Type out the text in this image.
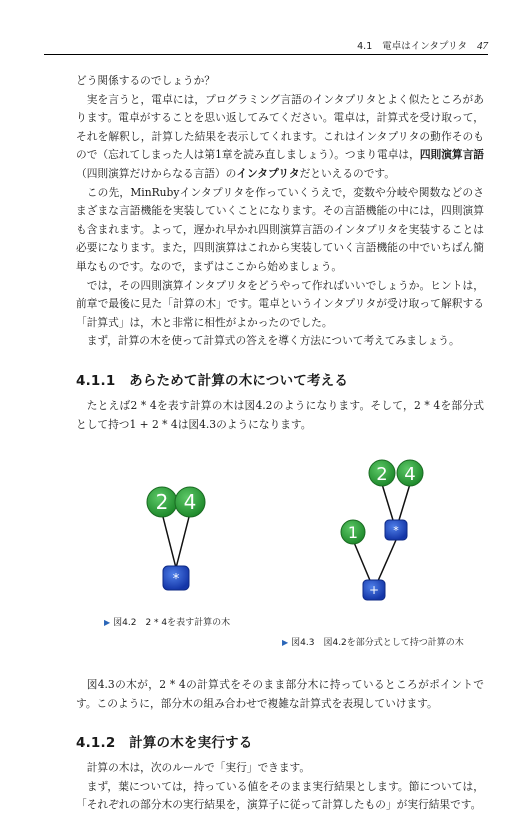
4.1 電卓はインタプリタ 47

どう関係するのでしょうか？

実を言うと，電卓には，プログラミング言語のインタプリタとよく似たところがあります。電卓がすることを思い返してみてください。電卓は，計算式を受け取って，それを解釈し，計算した結果を表示してくれます。これはインタプリタの動作そのもので（忘れてしまった人は第1章を読み直しましょう）。つまり電卓は，四則演算言語（四則演算だけからなる言語）のインタプリタだといえるのです。

この先，MinRubyインタプリタを作っていくうえで，変数や分岐や関数などのさまざまな言語機能を実装していくことになります。その言語機能の中には，四則演算も含まれます。よって，遅かれ早かれ四則演算言語のインタプリタを実装することは必要になります。また，四則演算はこれから実装していく言語機能の中でいちばん簡単なものです。なので，まずはここから始めましょう。

では，その四則演算インタプリタをどうやって作ればいいでしょうか。ヒントは，前章で最後に見た「計算の木」です。電卓というインタプリタが受け取って解釈する「計算式」は，木と非常に相性がよかったのでした。

まず，計算の木を使って計算式の答えを導く方法について考えてみましょう。

4.1.1　あらためて計算の木について考える

たとえば2 * 4を表す計算の木は図4.2のようになります。そして，2 * 4を部分式として持つ1 + 2 * 4は図4.3のようになります。

2 4
*
2 4
*
1
+
▶ 図4.2　2 * 4を表す計算の木
▶ 図4.3　図4.2を部分式として持つ計算の木

図4.3の木が，2 * 4の計算式をそのまま部分木に持っているところがポイントです。このように，部分木の組み合わせで複雑な計算式を表現していけます。

4.1.2　計算の木を実行する

計算の木は，次のルールで「実行」できます。

まず，葉については，持っている値をそのまま実行結果とします。節については，「それぞれの部分木の実行結果を，演算子に従って計算したもの」が実行結果です。
